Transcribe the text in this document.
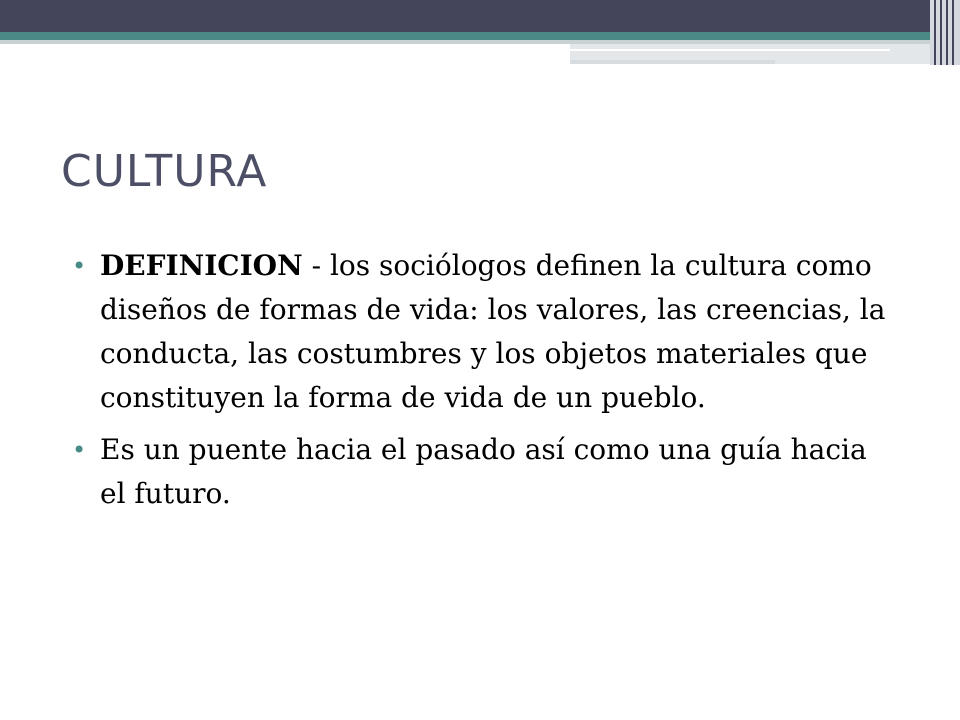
CULTURA
• DEFINICION - los sociólogos definen la cultura como diseños de formas de vida: los valores, las creencias, la conducta, las costumbres y los objetos materiales que constituyen la forma de vida de un pueblo.
• Es un puente hacia el pasado así como una guía hacia el futuro.
